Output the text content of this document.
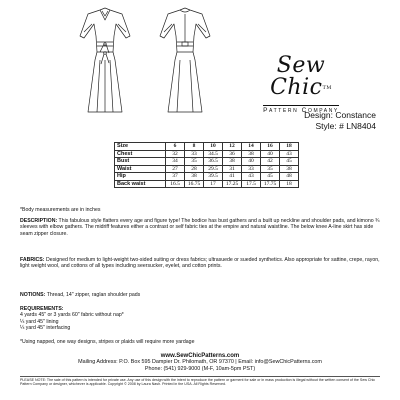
Sew Chic™
Pattern Company
Design: Constance
Style: # LN8404
Size	6	8	10	12	14	16	18
Chest	32	33	34.5	36	38	40	43
Bust	34	35	36.5	38	40	42	45
Waist	27	28	29.5	31	33	35	38
Hip	37	38	39.5	41	43	45	48
Back waist	16.5	16.75	17	17.25	17.5	17.75	18
*Body measurements are in inches
DESCRIPTION: This fabulous style flatters every age and figure type! The bodice has bust gathers and a built up neckline and shoulder pads, and kimono ¾ sleeves with elbow gathers. The midriff features either a contrast or self fabric ties at the empire and natural waistline. The below knee A-line skirt has side seam zipper closure.
FABRICS: Designed for medium to light-weight two-sided suiting or dress fabrics; ultrasuede or sueded synthetics. Also appropriate for sattine, crepe, rayon, light weight wool, and cottons of all types including seersucker, eyelet, and cotton prints.
NOTIONS: Thread, 14" zipper, raglan shoulder pads
REQUIREMENTS:
4 yards 45" or 3 yards 60" fabric without nap*
¼ yard 45" lining
¼ yard 45" interfacing
*Using napped, one way designs, stripes or plaids will require more yardage
www.SewChicPatterns.com
Mailing Address: P.O. Box 595 Dampier Dr. Philomath, OR 97370 | Email: info@SewChicPatterns.com
Phone: (541) 929-9000 (M-F, 10am-5pm PST)
PLEASE NOTE: The sale of this pattern is intended for private use. Any use of this design with the intent to reproduce the pattern or garment for sale or in mass production is illegal without the written consent of the Sew Chic Pattern Company or designer, whichever is applicable. Copyright © 2008 by Laura Nash. Printed in the USA. All Rights Reserved.
